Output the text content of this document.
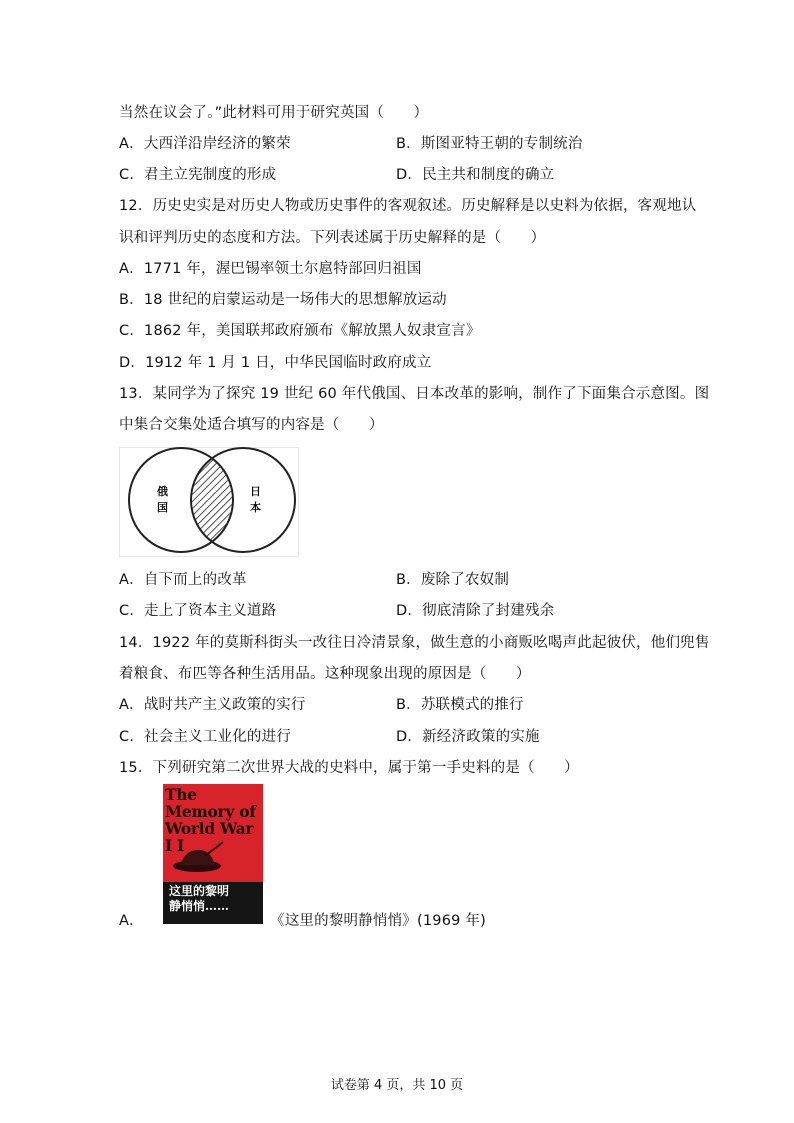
当然在议会了。”此材料可用于研究英国（　　）
A．大西洋沿岸经济的繁荣	B．斯图亚特王朝的专制统治
C．君主立宪制度的形成	D．民主共和制度的确立
12．历史史实是对历史人物或历史事件的客观叙述。历史解释是以史料为依据，客观地认
识和评判历史的态度和方法。下列表述属于历史解释的是（　　）
A．1771 年，渥巴锡率领土尔扈特部回归祖国
B．18 世纪的启蒙运动是一场伟大的思想解放运动
C．1862 年，美国联邦政府颁布《解放黑人奴隶宣言》
D．1912 年 1 月 1 日，中华民国临时政府成立
13．某同学为了探究 19 世纪 60 年代俄国、日本改革的影响，制作了下面集合示意图。图
中集合交集处适合填写的内容是（　　）
俄
国
日
本
A．自下而上的改革	B．废除了农奴制
C．走上了资本主义道路	D．彻底清除了封建残余
14．1922 年的莫斯科街头一改往日冷清景象，做生意的小商贩吆喝声此起彼伏，他们兜售
着粮食、布匹等各种生活用品。这种现象出现的原因是（　　）
A．战时共产主义政策的实行	B．苏联模式的推行
C．社会主义工业化的进行	D．新经济政策的实施
15．下列研究第二次世界大战的史料中，属于第一手史料的是（　　）
The Memory of
World War I I
这里的黎明
静悄悄……
A．	《这里的黎明静悄悄》(1969 年)
试卷第 4 页，共 10 页
